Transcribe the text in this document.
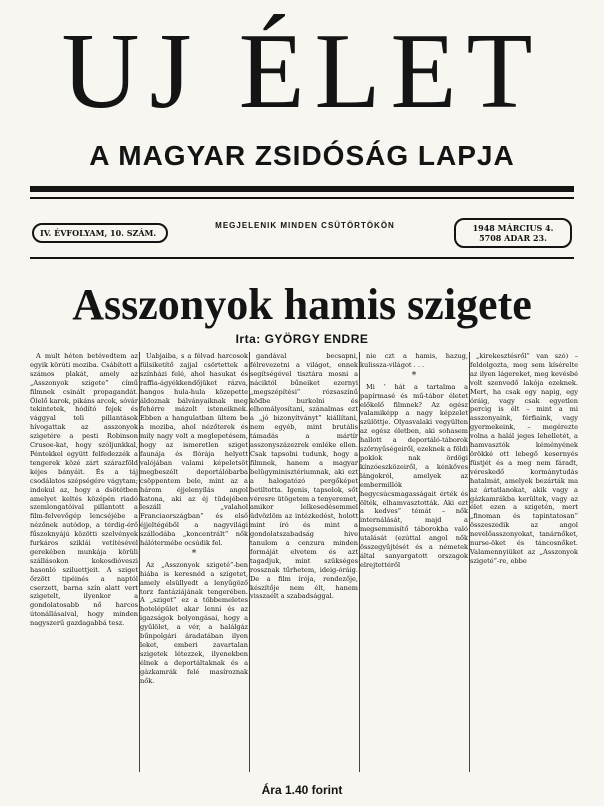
UJ ÉLET
A MAGYAR ZSIDÓSÁG LAPJA
IV. ÉVFOLYAM, 10. SZÁM.
MEGJELENIK MINDEN CSÜTÖRTÖKÖN	1948 MÁRCIUS 4.
5708 ADAR 23.
Asszonyok hamis szigete
Irta: GYÖRGY ENDRE

A mult héten betévedtem az egyik körúti moziba. Csábított a számos plakát, amely az „Asszonyok szigete” című filmnek csinált propagandát. Ölelő karok, pikáns arcok, sóvár tekintetek, hódító fejek és vággyal teli pillantások hívogattak az asszonyok szigetére a pesti Robinson Crusoe-kat, hogy szóljunkkal, Péntekkel együtt felfedezzék a tengerek közé zárt szárazföld kéjes bányáit. És a táj csodálatos szépségére vágytam; indokul az, hogy a dsötétben amelyet keltés középén riadó szemlongatóival pillantott a film-felvevőgép lencséjébe a nézőnek autódop, a térdig-érő fűszoknyájú közötti szelvények furkáros sziklái vetítésével gerekében munkája körüli szállásokon kokosdióveszi hasonló sziluettjeit. A sziget őrzött tipéinés a naptól cserzett, barna szín alatt vert szigetelt, ilyenkor a gondolatosabb nő harcos útonállásaival, hogy minden nagyszerű gazdagabbá tesz.

Uabjaiba, s a félvad harcosok fülsiketítő zajjal csörtettek a színházi felé, ahol hasukat és raffia-ágyékkendőjüket rázva, hangos hula-hula közepette áldoznak bálványaiknak meg fehérre mázolt isteneiknek. Ebben a hangulatban ültem be a moziba, ahol nézőterek és mily nagy volt a meglepetésem, hogy az ismeretlen sziget faunája és flórája helyett valójában valami képeletsöt megbeszélt deportálóbarba csöppentem bele, mint az a három éjjelenyílás angol katona, aki az éj tüdejében leszáll „valahol Franciaországban” és első éjjeltégéből a nagyvilági szállodába „koncentrált” nők hálótermébe ocsúdik fel.

*

Az „Asszonyok szigeté”-ben hiába is keresnéd a szigetet, amely elsüllyedt a lenyűgöző torz fantáziájának tengerében. A „sziget” ez a többemeletes hotelépület akar lenni és az igazságok bolyongásai, hogy a gyűlölet, a vér, a halálgáz bűnpolgári áradatában ilyen leket, emberi zavartalan szigetek létezzek, ilyenekben élnek a deportáltaknak és a gázkamrák felé masíroznak nők.

gandával becsapni, félrevezetni a világot, ennek segítségével tisztára mosni a náciktól bűneiket ezernyi „megszépítési” rózsaszínű ködbe burkolni és elhomályosítani, szánalmas ezt a „jó bizonyítványt” kiállítani, nem egyéb, mint brutális támadás a mártír asszonyszázezrek emléke ellen. Csak tapsolni tudunk, hogy a filmnek, hanem a magyar belügyminisztériumnak, aki ezt a halogatózó pergőképet betiltotta. Igenis, tapsolok, sőt véresre ütögetem a tenyeremet, amikor lelkesedésemmel üdvözlöm az intézkedést, holott mint író és mint a gondolatszabadság hive tanulom a cenzura minden formáját elvetem és azt tagadjuk, mint szükséges rossznak tűrhetem, ideig-óráig. De a film írója, rendezője, készítője nem élt, hanem visszaélt a szabadsággal.

nie czt a hamis, hazug, kulissza-világot . . .

*

Mi ’ hát a tartalma a papírmasé és mű-tábor életet előkelő filmnek? Az egész valamiképp a nagy képzelet szülöttje. Olyasvalaki vegyülten az egész életben, aki sohasem hallott a deportáló-táborok szörnyűségeiről, ezeknek a földi poklok nak ördögi kínzóeszközeiről, a kénkőves lángokról, amelyek az embermillók hegycsúcsmagasságait érték és ölték, elhamvasztották. Aki ezt a kedves” témát – nők internálását, majd a megsemmisítő táborokba való utalását (ezúttal angol nők összegyűjtését és a németek által sanyargatott orszagok elrejtettéről

„kirekesztésről” van szó) – feldolgozta, meg sem kísérelte az ilyen lágereket, meg kevésbé volt szenvedő lakója ezeknek. Mert, ha csak egy napig, egy óráig, vagy csak egyetlen percig is élt – mint a mi asszonyaink, férfiaink, vagy gyermekeink, – megérezte volna a halál jeges lehelletét, a hamvasztók kéményének örökké ott lebegő kesernyés füstjét és a meg nem fáradt, véreskedő kormánytudás hatalmát, amelyek bezárták ma az ártatlanokat, akik vagy a gázkamrákba kerültek, vagy az élet ezen a szigetén, mert „finoman és tapintatosan” összeszedik az angol nevelőasszonyokat, tanárnőket, nurse-öket és táncosnőket. Valamennyiüket az „Asszonyok szigeté”-re, ebbe

Ára 1.40 forint
